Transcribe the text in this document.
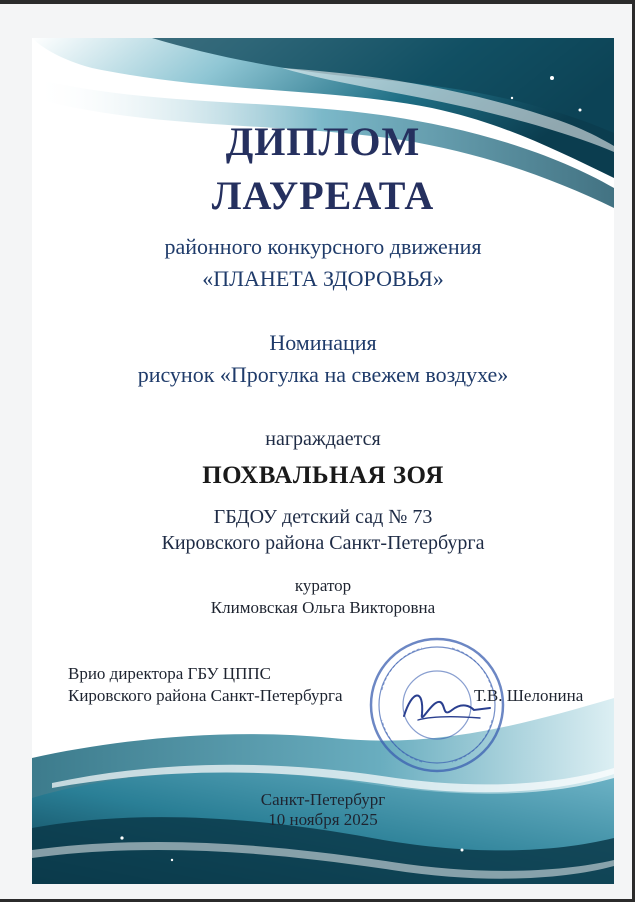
ДИПЛОМ

ЛАУРЕАТА

районного конкурсного движения

«ПЛАНЕТА ЗДОРОВЬЯ»

Номинация

рисунок «Прогулка на свежем воздухе»

награждается

ПОХВАЛЬНАЯ ЗОЯ

ГБДОУ детский сад № 73

Кировского района Санкт-Петербурга

куратор

Климовская Ольга Викторовна

Врио директора ГБУ ЦППС

Кировского района Санкт-Петербурга	Т.В. Шелонина

Санкт-Петербург

10 ноября 2025
